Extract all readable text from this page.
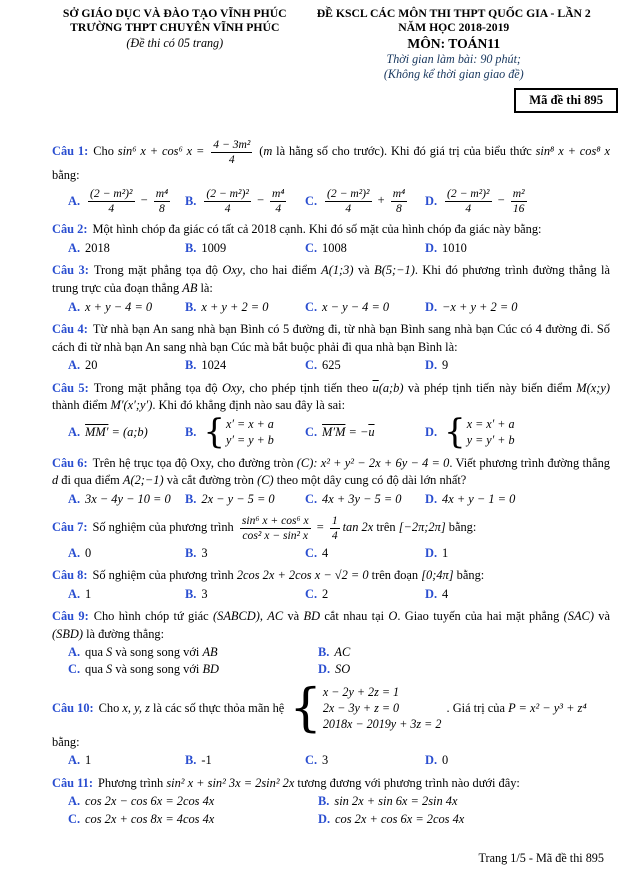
SỞ GIÁO DỤC VÀ ĐÀO TẠO VĨNH PHÚC
TRƯỜNG THPT CHUYÊN VĨNH PHÚC
(Đề thi có 05 trang)
ĐỀ KSCL CÁC MÔN THI THPT QUỐC GIA - LẦN 2
NĂM HỌC 2018-2019
MÔN: TOÁN11
Thời gian làm bài: 90 phút;
(Không kể thời gian giao đề)
Mã đề thi 895

Câu 1: Cho sin⁶ x + cos⁶ $x = \frac{\text{4 − 3m²}}{4} (m$ là hằng số cho trước). Khi đó giá trị của biểu thức sin⁸ x + cos⁸ x bằng:

A. $\frac{\text{(2 − m²)²}}{4} - \frac{\text{m⁴}}{8} B$. $\frac{\text{(2 − m²)²}}{4} - \frac{\text{m⁴}}{4} C$. $\frac{\text{(2 − m²)²}}{4} + \frac{\text{m⁴}}{8} D$. $\frac{\text{(2 − m²)²}}{4} - \frac{\text{m²}}{16}$

Câu 2: Một hình chóp đa giác có tất cả 2018 cạnh. Khi đó số mặt của hình chóp đa giác này bằng:

A. 2018	B. 1009	C. 1008	D. 1010

Câu 3: Trong mặt phẳng tọa độ Oxy, cho hai điểm A(1;3) và B(5;−1). Khi đó phương trình đường thẳng là trung trực của đoạn thẳng AB là:

A. x + y − 4 = 0	B. x + y + 2 = 0	C. x − y − 4 = 0	D. −x + y + 2 = 0

Câu 4: Từ nhà bạn An sang nhà bạn Bình có 5 đường đi, từ nhà bạn Bình sang nhà bạn Cúc có 4 đường đi. Số cách đi từ nhà bạn An sang nhà bạn Cúc mà bắt buộc phải đi qua nhà bạn Bình là:

A. 20	B. 1024	C. 625	D. 9

Câu 5: Trong mặt phẳng tọa độ Oxy, cho phép tịnh tiến theo $\overline{u}(a;b)$ và phép tịnh tiến này biến điểm M(x;y) thành điểm M′(x′;y′). Khi đó khẳng định nào sau đây là sai:

A. MM′ = (a;b)	B. { x′ = x + a
y′ = y + b
C. $M'M = -\overline{u}$	D. { x = x′ + a
y = y′ + b

Câu 6: Trên hệ trục tọa độ Oxy, cho đường tròn (C): x² + y² − 2x + 6y − 4 = 0. Viết phương trình đường thẳng d đi qua điểm A(2;−1) và cắt đường tròn (C) theo một dây cung có độ dài lớn nhất?

A. 3x − 4y − 10 = 0 B. 2x − y − 5 = 0 C. 4x + 3y − 5 = 0 D. 4x + y − 1 = 0

Câu 7: Số nghiệm của phương trình $\frac{\text{sin⁶ x + cos⁶ x}}{\text{cos² x − sin² x}} = \frac{1}{4}$ tan 2x trên [−2π;2π] bằng:

A. 0	B. 3	C. 4	D. 1

Câu 8: Số nghiệm của phương trình 2cos 2x + 2cos x − √2 = 0 trên đoạn [0;4π] bằng:

A. 1	B. 3	C. 2	D. 4

Câu 9: Cho hình chóp tứ giác (SABCD), AC và BD cắt nhau tại O. Giao tuyến của hai mặt phẳng (SAC) và (SBD) là đường thẳng:

A. qua S và song song với AB	B. AC
C. qua S và song song với BD	D. SO

Câu 10: Cho x, y, z là các số thực thỏa mãn hệ { x − 2y + 2z = 1
2x − 3y + z = 0
2018x − 2019y + 3z = 2
. Giá trị của P = x² − y³ + z⁴
bằng:

A. 1	B. -1	C. 3	D. 0

Câu 11: Phương trình sin² x + sin² 3x = 2sin² 2x tương đương với phương trình nào dưới đây:

A. cos 2x − cos 6x = 2cos 4x	B. sin 2x + sin 6x = 2sin 4x
C. cos 2x + cos 8x = 4cos 4x	D. cos 2x + cos 6x = 2cos 4x
Trang 1/5 - Mã đề thi 895
